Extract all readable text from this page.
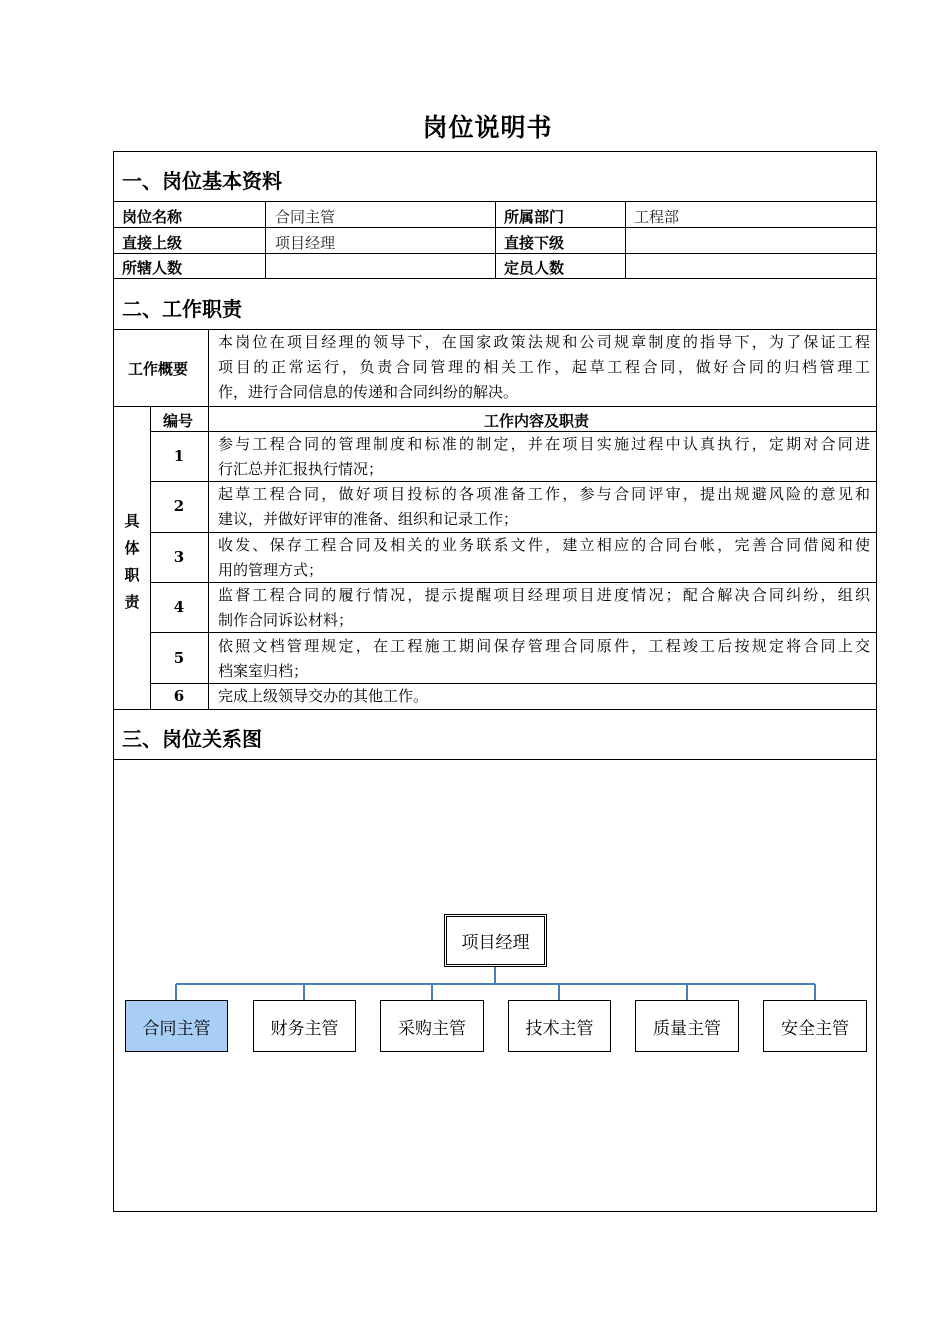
岗位说明书
一、岗位基本资料
岗位名称	合同主管	所属部门	工程部
直接上级	项目经理	直接下级
所辖人数	定员人数
二、工作职责
工作概要
本岗位在项目经理的领导下，在国家政策法规和公司规章制度的指导下，为了保证工程
项目的正常运行，负责合同管理的相关工作，起草工程合同，做好合同的归档管理工
作，进行合同信息的传递和合同纠纷的解决。
具
体
职
责
编号	工作内容及职责
1
参与工程合同的管理制度和标准的制定，并在项目实施过程中认真执行，定期对合同进
行汇总并汇报执行情况；
2
起草工程合同，做好项目投标的各项准备工作，参与合同评审，提出规避风险的意见和
建议，并做好评审的准备、组织和记录工作；
3
收发、保存工程合同及相关的业务联系文件，建立相应的合同台帐，完善合同借阅和使
用的管理方式；
4
监督工程合同的履行情况，提示提醒项目经理项目进度情况；配合解决合同纠纷，组织
制作合同诉讼材料；
5
依照文档管理规定，在工程施工期间保存管理合同原件，工程竣工后按规定将合同上交
档案室归档；
6	完成上级领导交办的其他工作。
三、岗位关系图
项目经理
合同主管	财务主管	采购主管	技术主管	质量主管	安全主管
